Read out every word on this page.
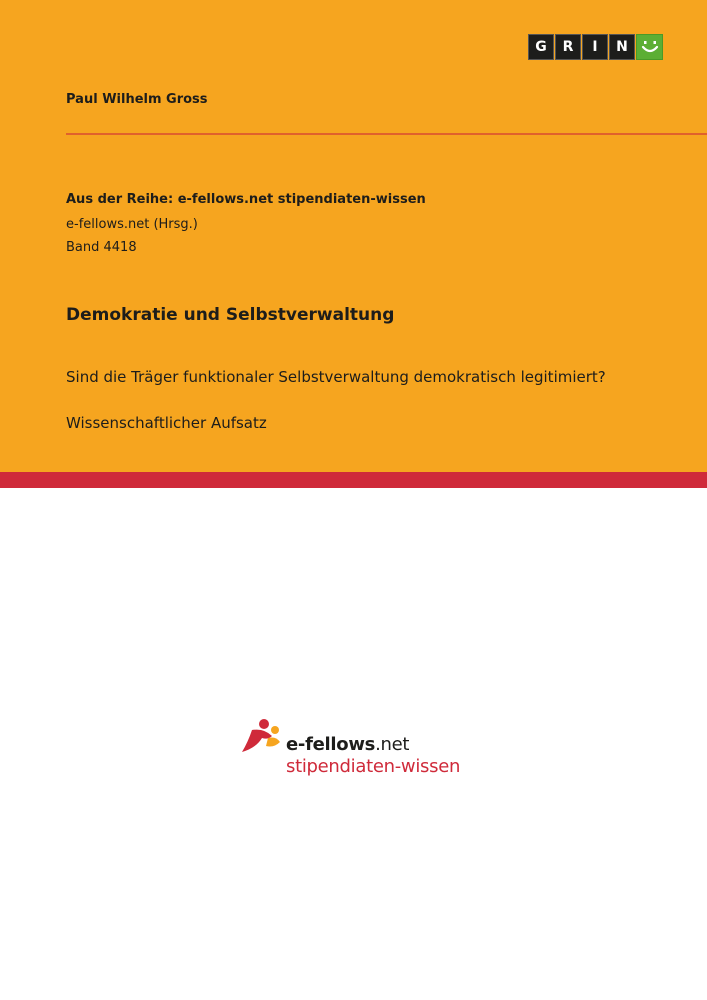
G	R	I	N
Paul Wilhelm Gross
Aus der Reihe: e-fellows.net stipendiaten-wissen
e-fellows.net (Hrsg.)
Band 4418
Demokratie und Selbstverwaltung
Sind die Träger funktionaler Selbstverwaltung demokratisch legitimiert?
Wissenschaftlicher Aufsatz
e-fellows.net
stipendiaten-wissen
